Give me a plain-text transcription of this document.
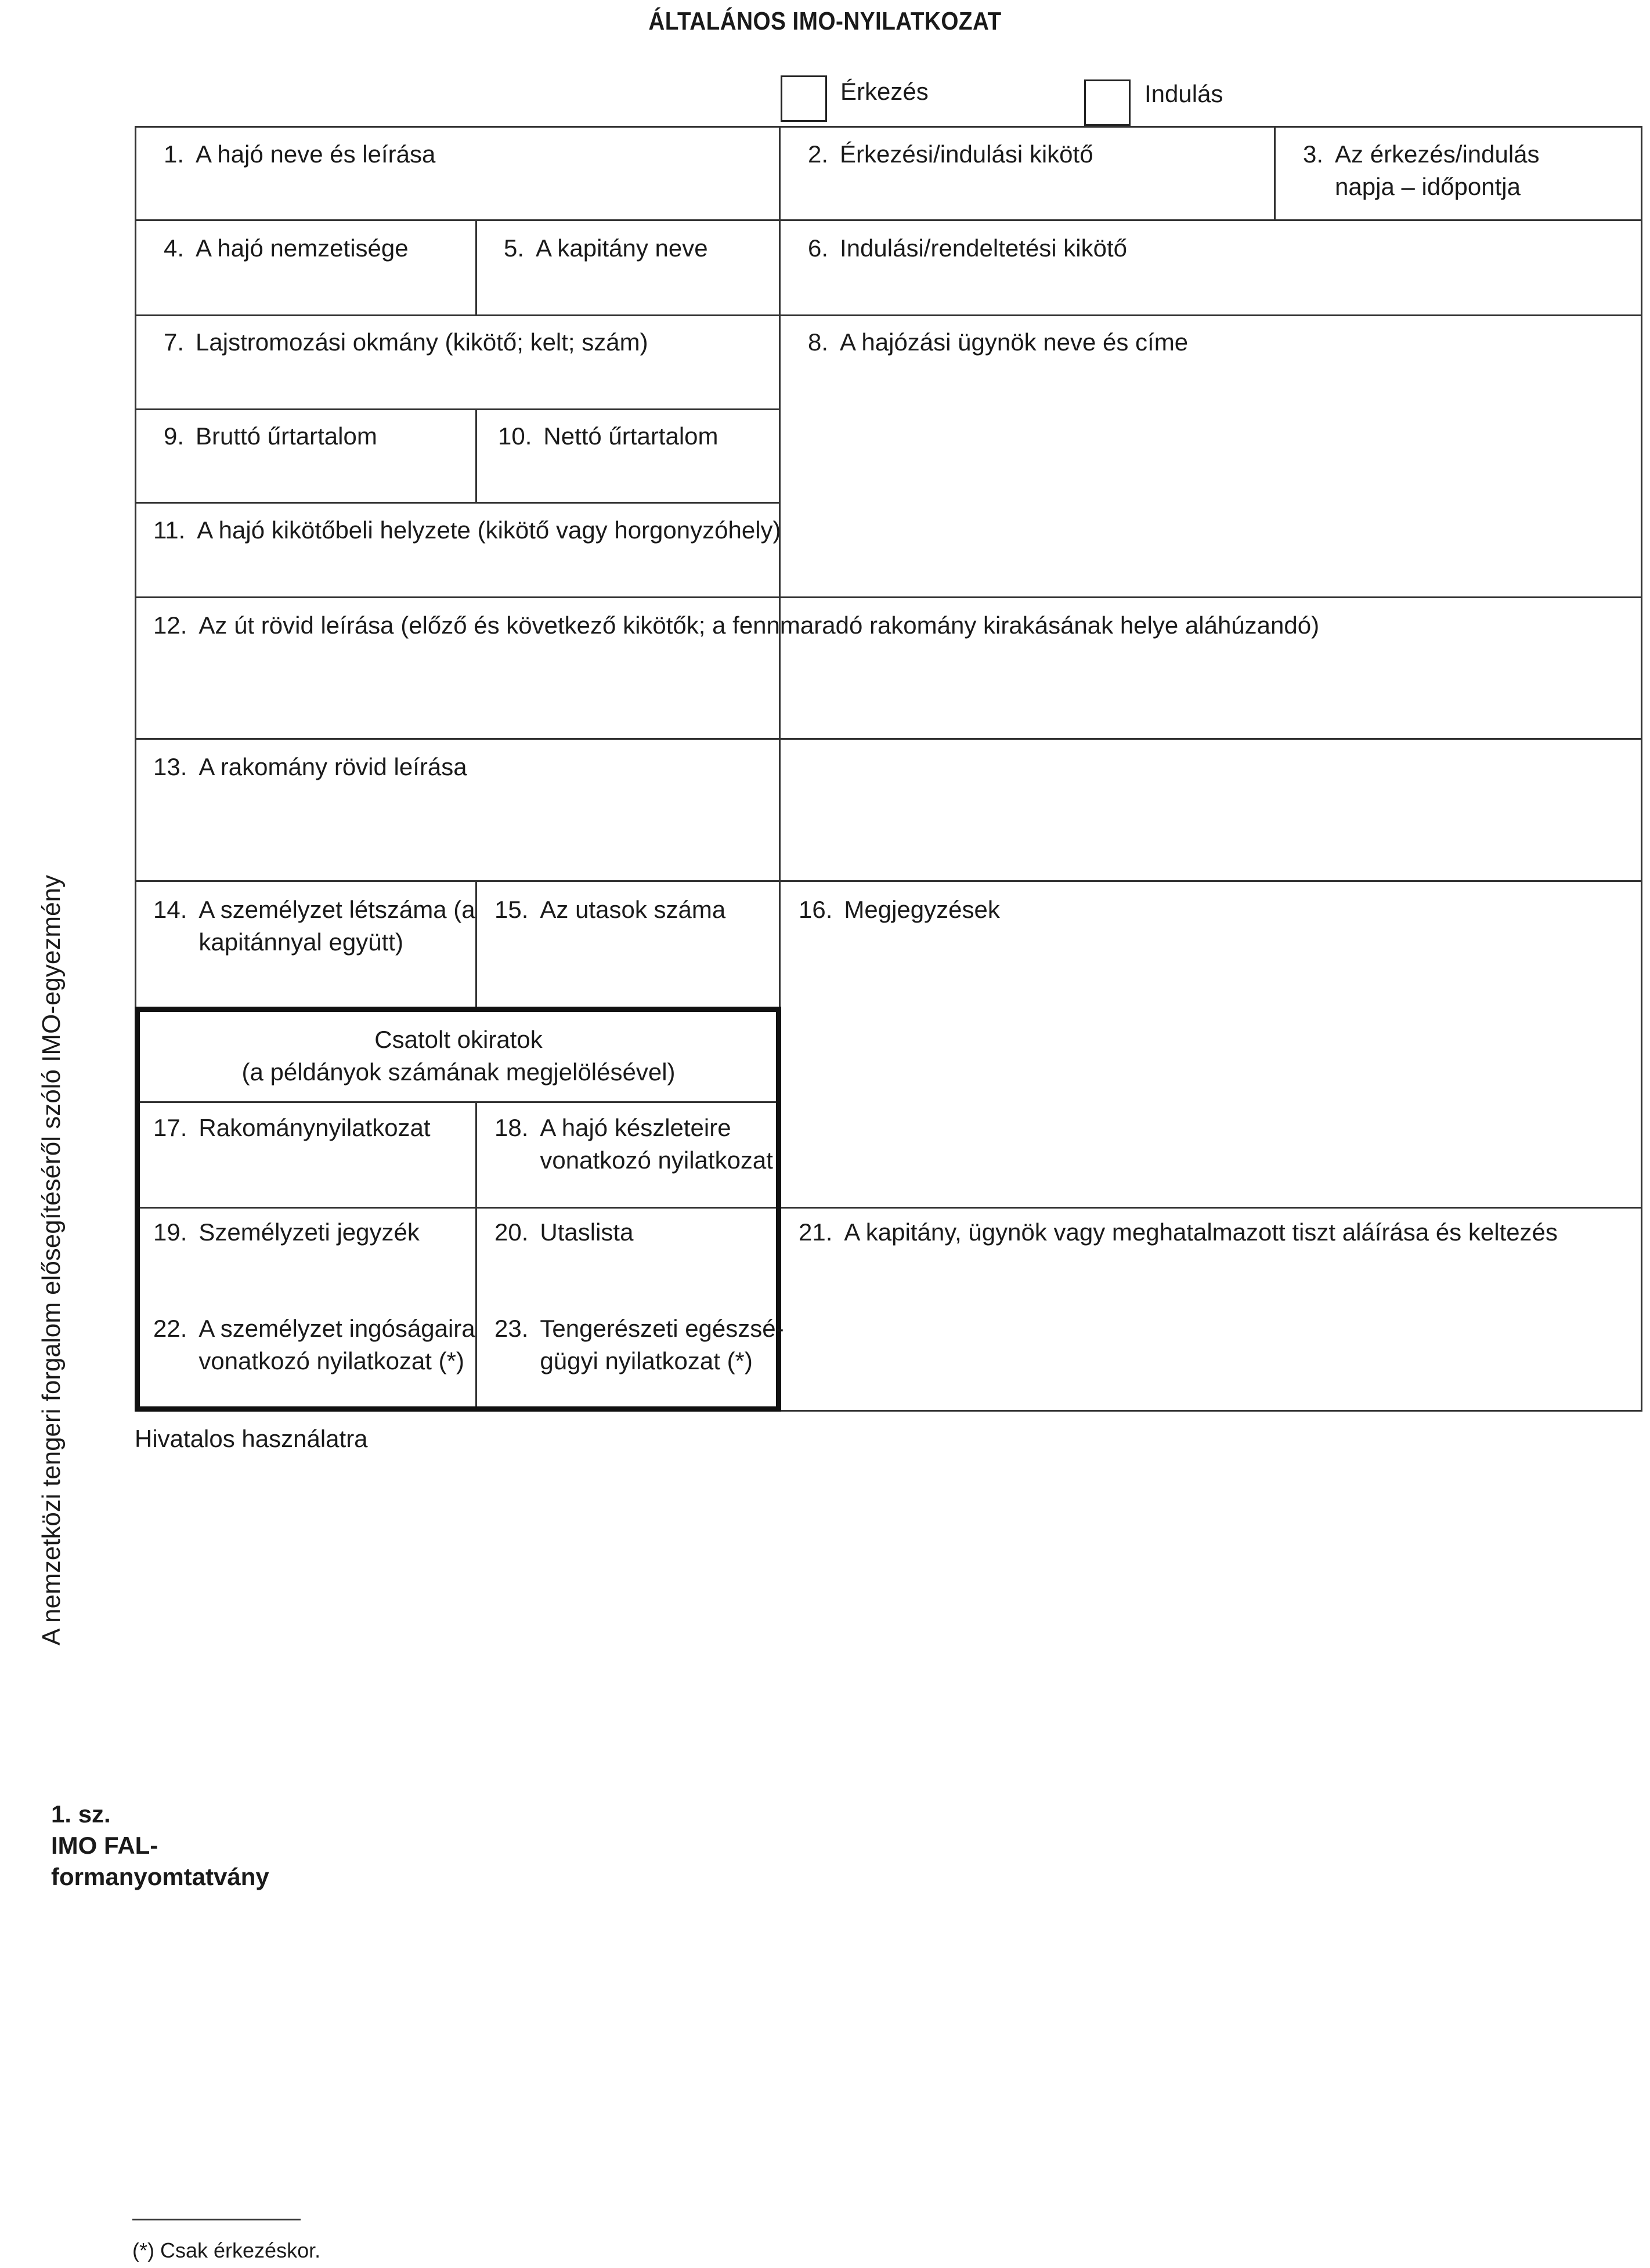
ÁLTALÁNOS IMO-NYILATKOZAT
Érkezés	Indulás
Csatolt okiratok
(a példányok számának megjelölésével)
1. A hajó neve és leírása	2. Érkezési/indulási kikötő	3. Az érkezés/indulás
napja – időpontja
4. A hajó nemzetisége	5. A kapitány neve	6. Indulási/rendeltetési kikötő
7. Lajstromozási okmány (kikötő; kelt; szám)	8. A hajózási ügynök neve és címe
9. Bruttó űrtartalom	10. Nettó űrtartalom
11. A hajó kikötőbeli helyzete (kikötő vagy horgonyzóhely)
12. Az út rövid leírása (előző és következő kikötők; a fennmaradó rakomány kirakásának helye aláhúzandó)
13. A rakomány rövid leírása
14. A személyzet létszáma (a
kapitánnyal együtt)
15. Az utasok száma	16. Megjegyzések
17. Rakománynyilatkozat	18. A hajó készleteire
vonatkozó nyilatkozat
19. Személyzeti jegyzék	20. Utaslista	21. A kapitány, ügynök vagy meghatalmazott tiszt aláírása és keltezés
22. A személyzet ingóságaira
vonatkozó nyilatkozat (*)
23. Tengerészeti egészsé-
gügyi nyilatkozat (*)
Hivatalos használatra
A nemzetközi tengeri forgalom elősegítéséről szóló IMO-egyezmény
1. sz.
IMO FAL-
formanyomtatvány
(*) Csak érkezéskor.
